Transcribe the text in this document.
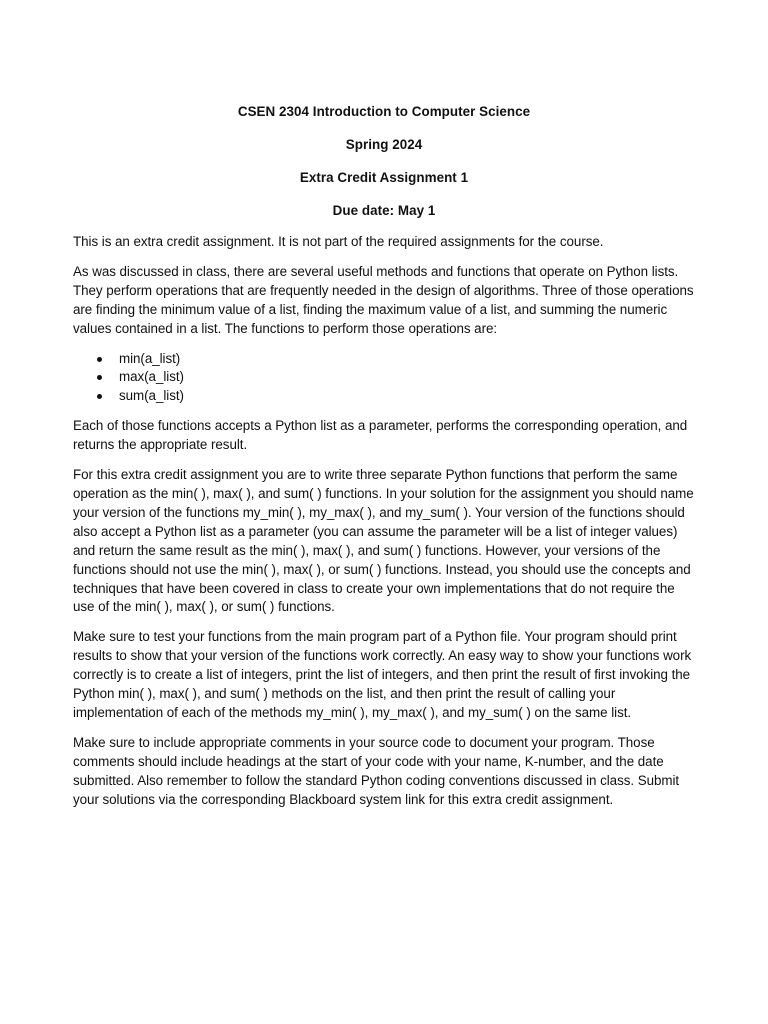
CSEN 2304 Introduction to Computer Science
Spring 2024
Extra Credit Assignment 1
Due date: May 1

This is an extra credit assignment. It is not part of the required assignments for the course.

As was discussed in class, there are several useful methods and functions that operate on Python lists. They perform operations that are frequently needed in the design of algorithms. Three of those operations are finding the minimum value of a list, finding the maximum value of a list, and summing the numeric values contained in a list. The functions to perform those operations are:

min(a_list)
max(a_list)
sum(a_list)

Each of those functions accepts a Python list as a parameter, performs the corresponding operation, and returns the appropriate result.

For this extra credit assignment you are to write three separate Python functions that perform the same operation as the min( ), max( ), and sum( ) functions. In your solution for the assignment you should name your version of the functions my_min( ), my_max( ), and my_sum( ). Your version of the functions should also accept a Python list as a parameter (you can assume the parameter will be a list of integer values) and return the same result as the min( ), max( ), and sum( ) functions. However, your versions of the functions should not use the min( ), max( ), or sum( ) functions. Instead, you should use the concepts and techniques that have been covered in class to create your own implementations that do not require the use of the min( ), max( ), or sum( ) functions.

Make sure to test your functions from the main program part of a Python file. Your program should print results to show that your version of the functions work correctly. An easy way to show your functions work correctly is to create a list of integers, print the list of integers, and then print the result of first invoking the Python min( ), max( ), and sum( ) methods on the list, and then print the result of calling your implementation of each of the methods my_min( ), my_max( ), and my_sum( ) on the same list.

Make sure to include appropriate comments in your source code to document your program. Those comments should include headings at the start of your code with your name, K-number, and the date submitted. Also remember to follow the standard Python coding conventions discussed in class. Submit your solutions via the corresponding Blackboard system link for this extra credit assignment.
